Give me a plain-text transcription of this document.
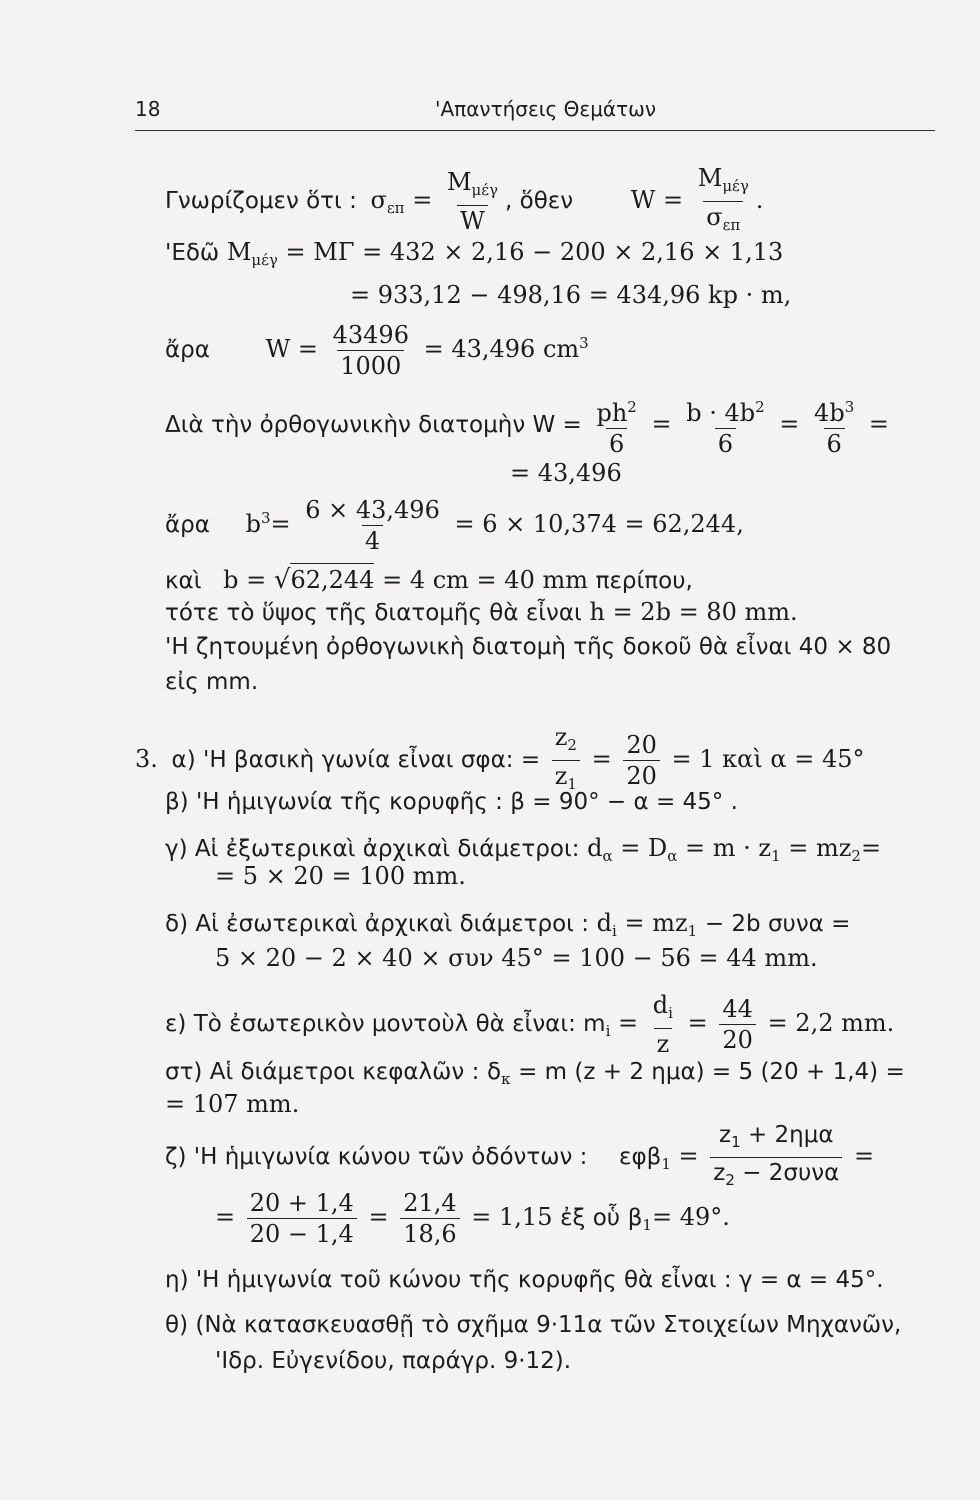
18	'Απαντήσεις Θεμάτων
Γνωρίζομεν ὅτι : $\sigma_{\varepsilon\pi} = \frac{M_{\mu έ\gamma}}{W}$ , ὅθεν $W = \frac{M_{\mu έ\gamma}}{\sigma_{\varepsilon\pi}}$ .
'Εδῶ $M_{\mu έ\gamma} = M\Gamma = 432 \times 2,16 - 200 \times 2,16 \times 1,13$
= 933,12 − 498,16 = 434,96 kp · m,
ἄρα $W = \frac{43496}{1000} = 43,496$ $cm^3$
Διὰ τὴν ὀρθογωνικὴν διατομὴν $W = \frac{ph^2}{6} = \frac{b \cdot 4b^2}{6} = \frac{4b^3}{6}$ =
= 43,496
ἄρα $b^3= \frac{6 \times 43,496}{4} = 6 \times 10,374 = 62,244$,
καὶ b = √62,244 = 4 cm = 40 mm περίπου,
τότε τὸ ὕψος τῆς διατομῆς θὰ εἶναι h = 2b = 80 mm.
'Η ζητουμένη ὀρθογωνικὴ διατομὴ τῆς δοκοῦ θὰ εἶναι 40 × 80
εἰς mm.
3. α) 'Η βασικὴ γωνία εἶναι σφα: = $\frac{z_2}{z_1} = \frac{20}{20} = 1$ καὶ α = 45°
β) 'Η ἡμιγωνία τῆς κορυφῆς : β = 90° − α = 45° .
γ) Αἱ ἐξωτερικαὶ ἀρχικαὶ διάμετροι: $d_\alpha = D_\alpha = m \cdot z_1 = mz_2=$
= 5 × 20 = 100 mm.
δ) Αἱ ἐσωτερικαὶ ἀρχικαὶ διάμετροι : $d_i = mz_1 - 2b$ συνα =
5 × 20 − 2 × 40 × συν 45° = 100 − 56 = 44 mm.
ε) Τὸ ἐσωτερικὸν μοντοὺλ θὰ εἶναι: $m_i = \frac{d_i}{z} = \frac{44}{20} = 2,2$ mm.
στ) Αἱ διάμετροι κεφαλῶν : $\delta_\kappa = m$ (z + 2 ημα) = 5 (20 + 1,4) =
= 107 mm.
ζ) 'Η ἡμιγωνία κώνου τῶν ὀδόντων : $\varepsilon\varphi\beta_1 = \frac{z_1 + 2\eta\mu\alpha}{z_2 - 2\sigma\upsilon\nu\alpha}$ =
= $\frac{20 + 1,4}{20 - 1,4} = \frac{21,4}{18,6} = 1,15$ ἐξ οὗ $\beta_1= 49^\circ$.
η) 'Η ἡμιγωνία τοῦ κώνου τῆς κορυφῆς θὰ εἶναι : γ = α = 45°.
θ) (Νὰ κατασκευασθῇ τὸ σχῆμα 9·11α τῶν Στοιχείων Μηχανῶν,
'Ιδρ. Εὐγενίδου, παράγρ. 9·12).
